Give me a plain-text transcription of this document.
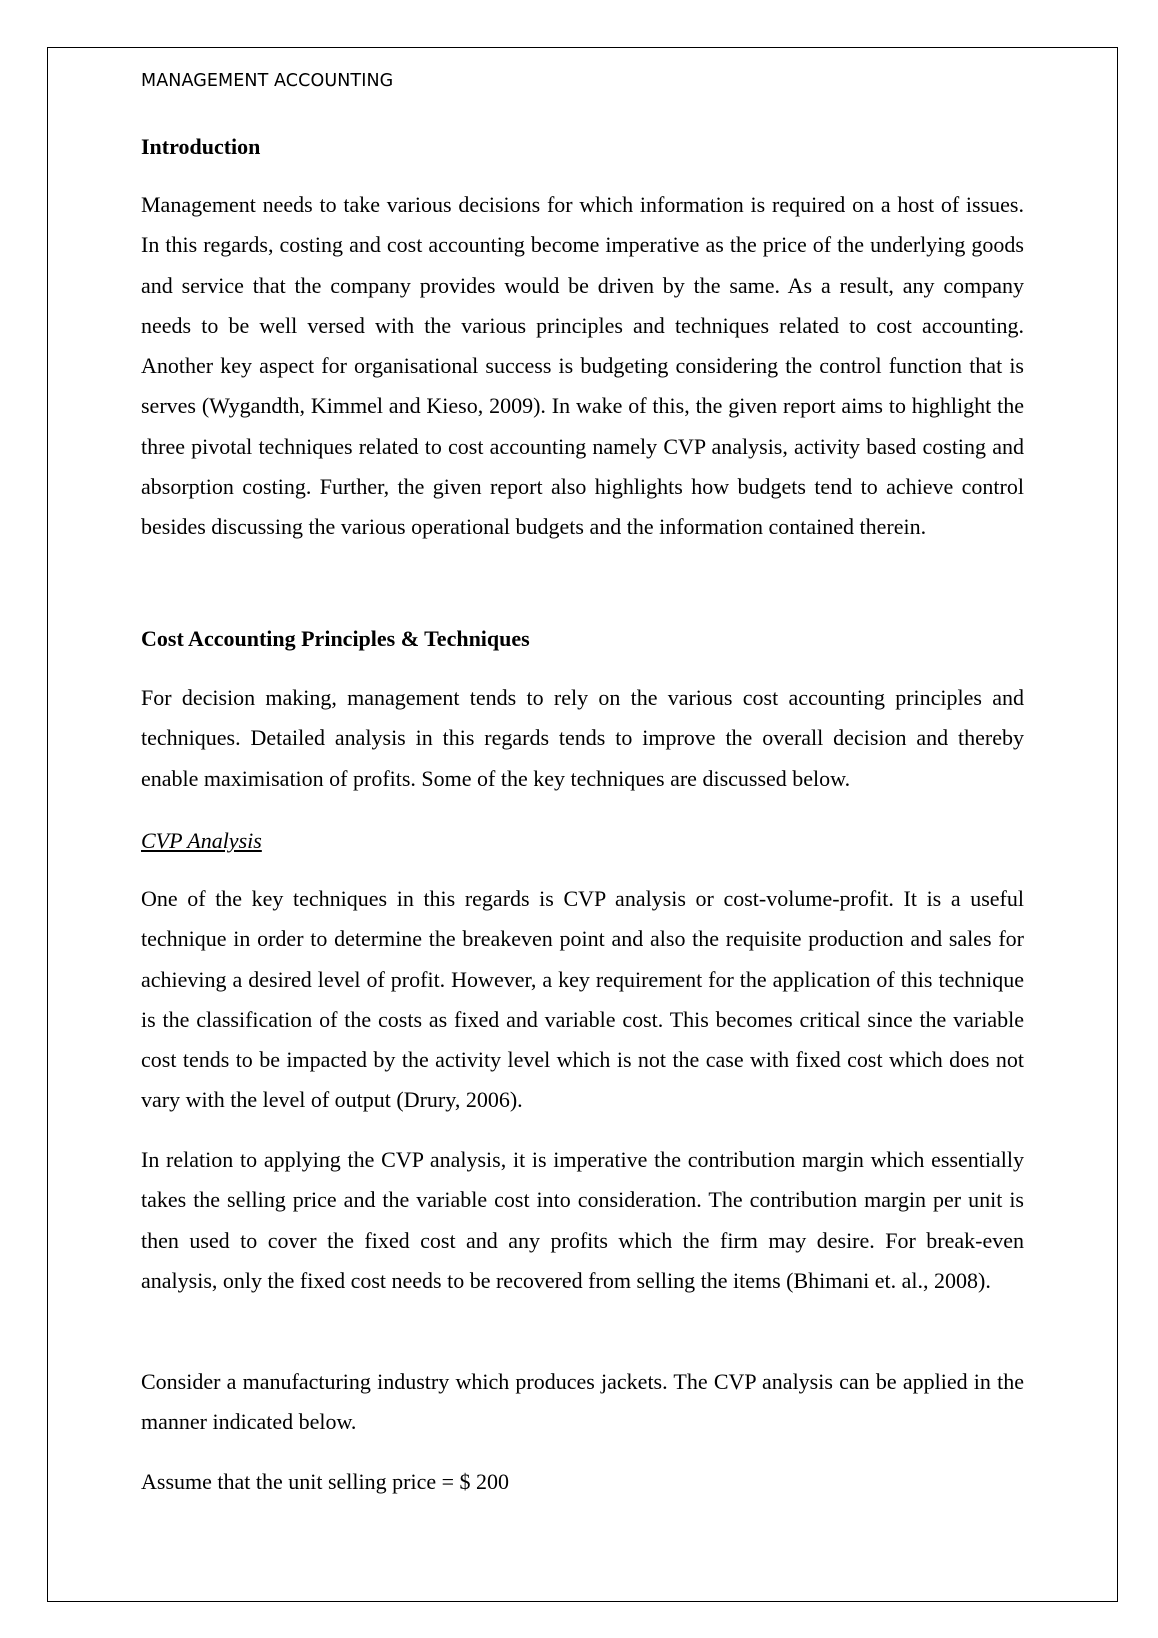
MANAGEMENT ACCOUNTING
Introduction
Management needs to take various decisions for which information is required on a host of issues. In this regards, costing and cost accounting become imperative as the price of the underlying goods and service that the company provides would be driven by the same. As a result, any company needs to be well versed with the various principles and techniques related to cost accounting. Another key aspect for organisational success is budgeting considering the control function that is serves (Wygandth, Kimmel and Kieso, 2009). In wake of this, the given report aims to highlight the three pivotal techniques related to cost accounting namely CVP analysis, activity based costing and absorption costing. Further, the given report also highlights how budgets tend to achieve control besides discussing the various operational budgets and the information contained therein.
Cost Accounting Principles & Techniques
For decision making, management tends to rely on the various cost accounting principles and techniques. Detailed analysis in this regards tends to improve the overall decision and thereby enable maximisation of profits. Some of the key techniques are discussed below.
CVP Analysis
One of the key techniques in this regards is CVP analysis or cost-volume-profit. It is a useful technique in order to determine the breakeven point and also the requisite production and sales for achieving a desired level of profit. However, a key requirement for the application of this technique is the classification of the costs as fixed and variable cost. This becomes critical since the variable cost tends to be impacted by the activity level which is not the case with fixed cost which does not vary with the level of output (Drury, 2006).
In relation to applying the CVP analysis, it is imperative the contribution margin which essentially takes the selling price and the variable cost into consideration. The contribution margin per unit is then used to cover the fixed cost and any profits which the firm may desire. For break-even analysis, only the fixed cost needs to be recovered from selling the items (Bhimani et. al., 2008).
Consider a manufacturing industry which produces jackets. The CVP analysis can be applied in the manner indicated below.
Assume that the unit selling price = $ 200
